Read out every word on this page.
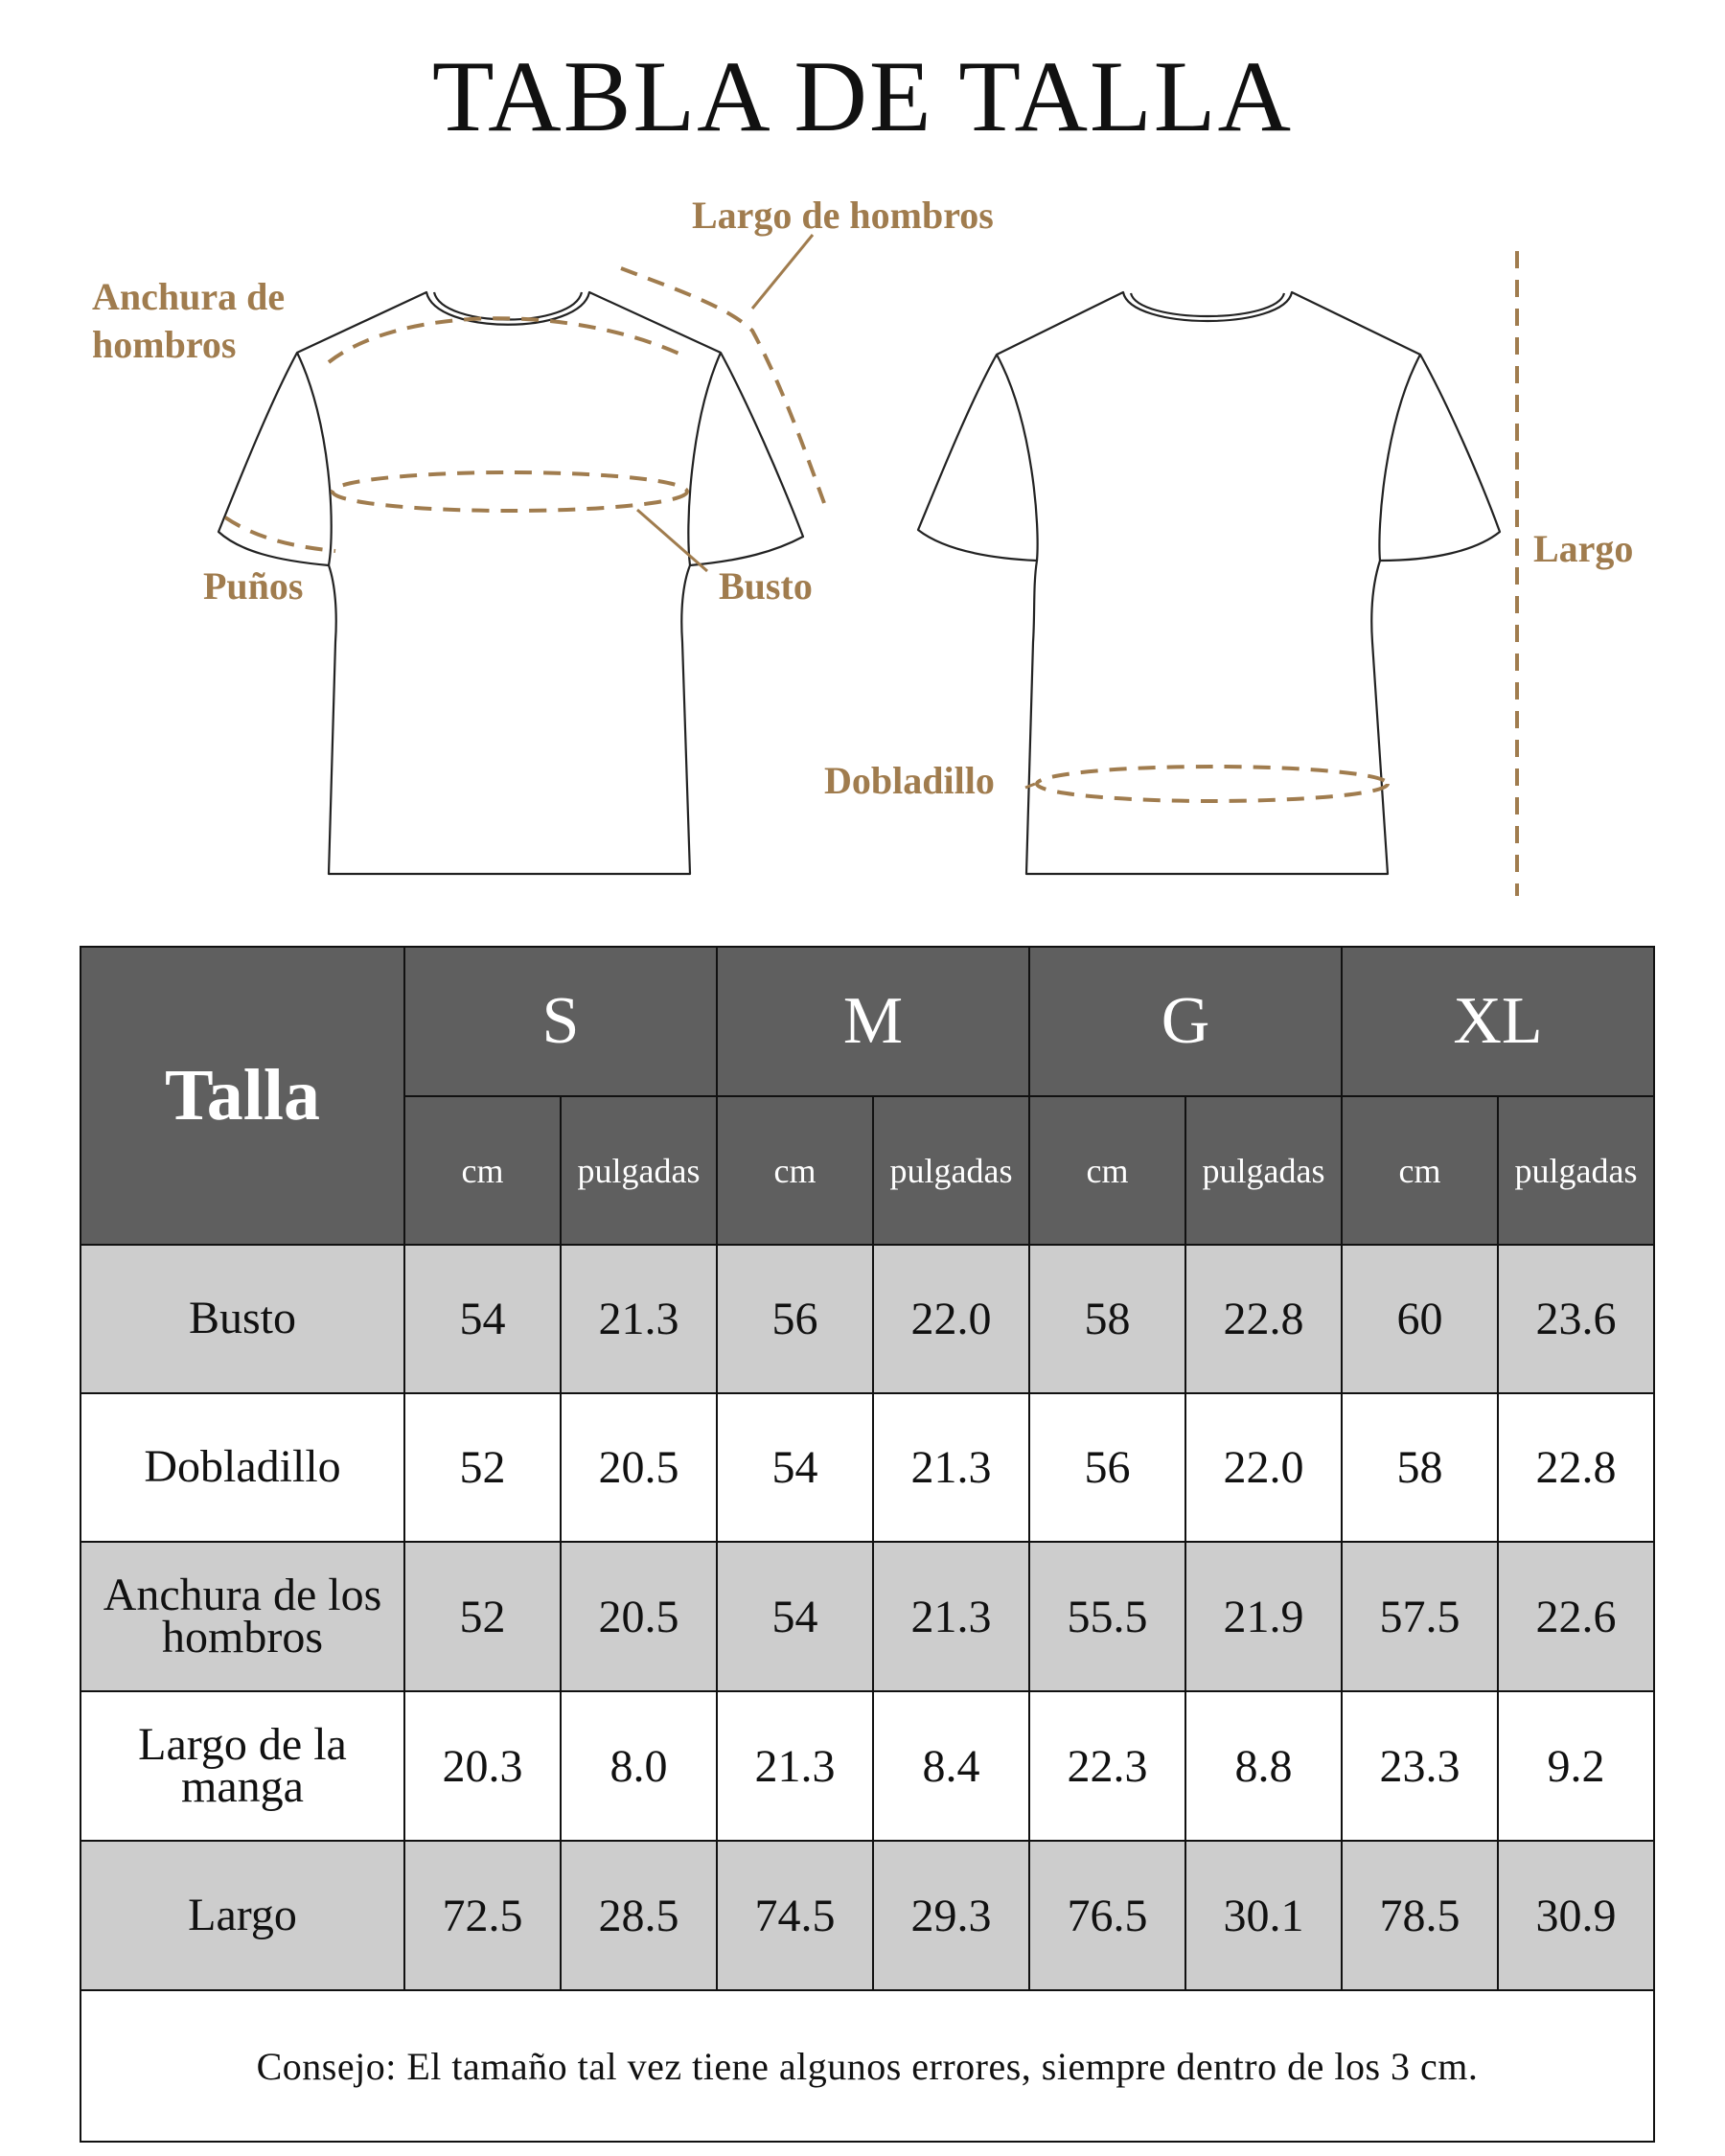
TABLA DE TALLA
Largo de hombros
Anchura de
hombros
Puños	Busto
Dobladillo
Largo
Talla	S		M		G		XL	
	cm	pulgadas	cm	pulgadas	cm	pulgadas	cm	pulgadas
Busto	54	21.3	56	22.0	58	22.8	60	23.6
Dobladillo	52	20.5	54	21.3	56	22.0	58	22.8
Anchura de los hombros	52	20.5	54	21.3	55.5	21.9	57.5	22.6
Largo de la manga	20.3	8.0	21.3	8.4	22.3	8.8	23.3	9.2
Largo	72.5	28.5	74.5	29.3	76.5	30.1	78.5	30.9
Consejo: El tamaño tal vez tiene algunos errores, siempre dentro de los 3 cm.								
